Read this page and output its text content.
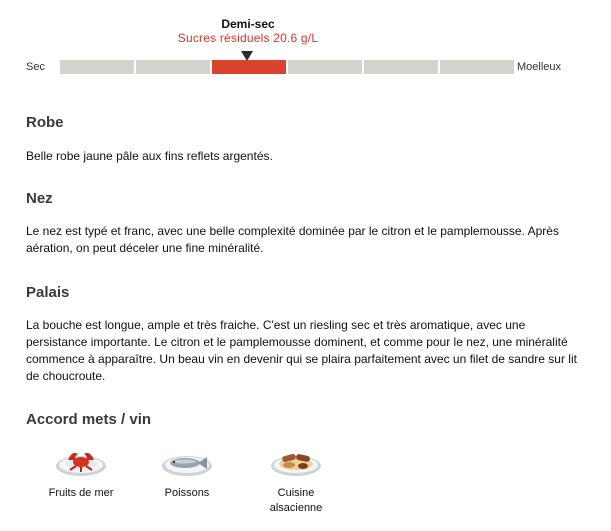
Demi-sec
Sucres résiduels 20.6 g/L
Sec	Moelleux
Robe

Belle robe jaune pâle aux fins reflets argentés.

Nez

Le nez est typé et franc, avec une belle complexité dominée par le citron et le pamplemousse. Après aération, on peut déceler une fine minéralité.

Palais

La bouche est longue, ample et très fraiche. C'est un riesling sec et très aromatique, avec une persistance importante. Le citron et le pamplemousse dominent, et comme pour le nez, une minéralité commence à apparaître. Un beau vin en devenir qui se plaira parfaitement avec un filet de sandre sur lit de choucroute.

Accord mets / vin
Fruits de mer	Poissons	Cuisine alsacienne
